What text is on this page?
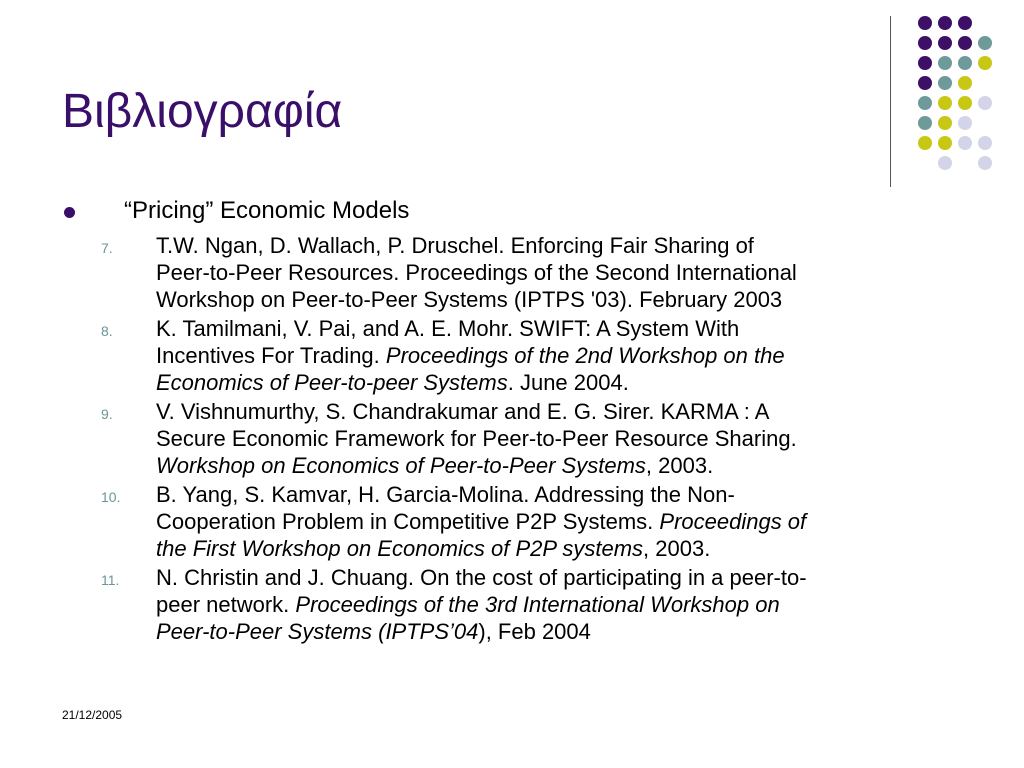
Βιβλιογραφία
“Pricing” Economic Models
7. T.W. Ngan, D. Wallach, P. Druschel. Enforcing Fair Sharing of
Peer-to-Peer Resources. Proceedings of the Second International
Workshop on Peer-to-Peer Systems (IPTPS '03). February 2003
8. K. Tamilmani, V. Pai, and A. E. Mohr. SWIFT: A System With
Incentives For Trading. Proceedings of the 2nd Workshop on the
Economics of Peer-to-peer Systems. June 2004.
9. V. Vishnumurthy, S. Chandrakumar and E. G. Sirer. KARMA : A
Secure Economic Framework for Peer-to-Peer Resource Sharing.
Workshop on Economics of Peer-to-Peer Systems, 2003.
10. B. Yang, S. Kamvar, H. Garcia-Molina. Addressing the Non-
Cooperation Problem in Competitive P2P Systems. Proceedings of
the First Workshop on Economics of P2P systems, 2003.
11. N. Christin and J. Chuang. On the cost of participating in a peer-to-
peer network. Proceedings of the 3rd International Workshop on
Peer-to-Peer Systems (IPTPS’04), Feb 2004
21/12/2005
